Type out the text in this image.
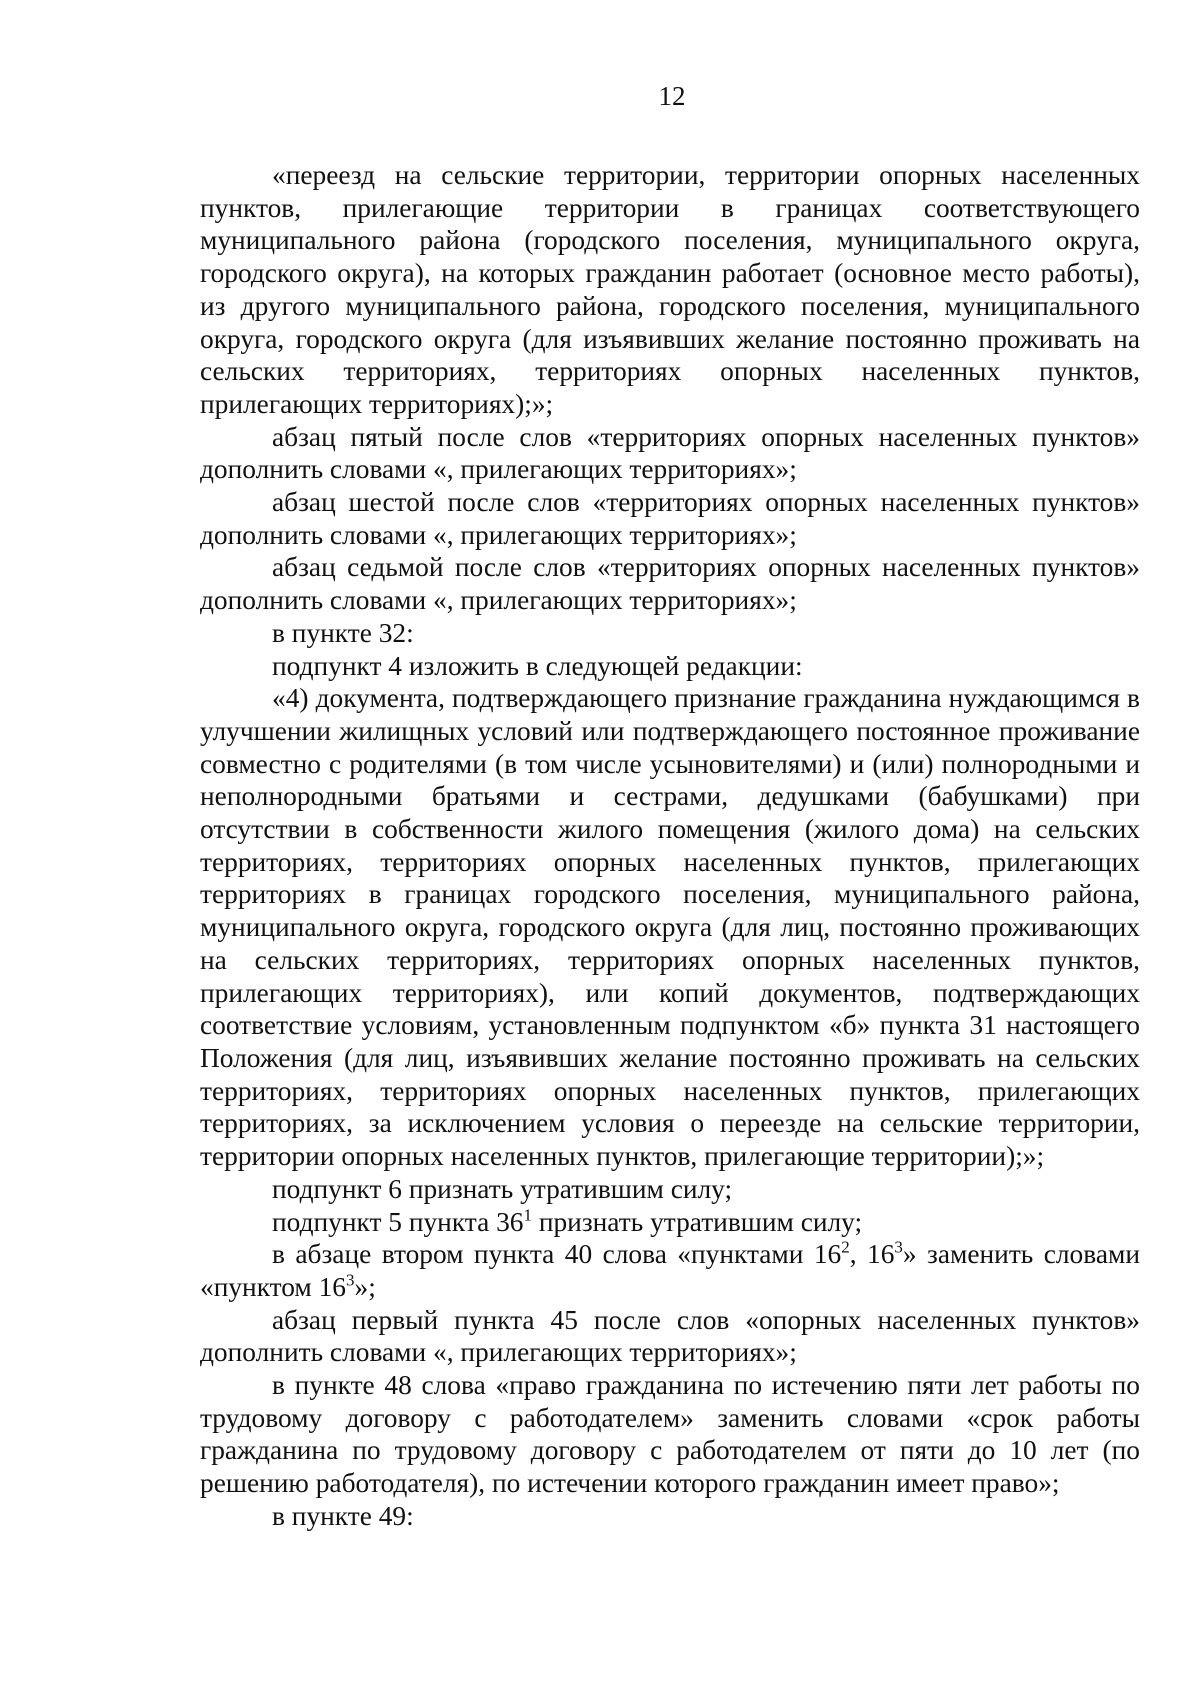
12

«переезд на сельские территории, территории опорных населенных пунктов, прилегающие территории в границах соответствующего муниципального района (городского поселения, муниципального округа, городского округа), на которых гражданин работает (основное место работы), из другого муниципального района, городского поселения, муниципального округа, городского округа (для изъявивших желание постоянно проживать на сельских территориях, территориях опорных населенных пунктов, прилегающих территориях);»;

абзац пятый после слов «территориях опорных населенных пунктов» дополнить словами «, прилегающих территориях»;

абзац шестой после слов «территориях опорных населенных пунктов» дополнить словами «, прилегающих территориях»;

абзац седьмой после слов «территориях опорных населенных пунктов» дополнить словами «, прилегающих территориях»;

в пункте 32:

подпункт 4 изложить в следующей редакции:

«4) документа, подтверждающего признание гражданина нуждающимся в улучшении жилищных условий или подтверждающего постоянное проживание совместно с родителями (в том числе усыновителями) и (или) полнородными и неполнородными братьями и сестрами, дедушками (бабушками) при отсутствии в собственности жилого помещения (жилого дома) на сельских территориях, территориях опорных населенных пунктов, прилегающих территориях в границах городского поселения, муниципального района, муниципального округа, городского округа (для лиц, постоянно проживающих на сельских территориях, территориях опорных населенных пунктов, прилегающих территориях), или копий документов, подтверждающих соответствие условиям, установленным подпунктом «б» пункта 31 настоящего Положения (для лиц, изъявивших желание постоянно проживать на сельских территориях, территориях опорных населенных пунктов, прилегающих территориях, за исключением условия о переезде на сельские территории, территории опорных населенных пунктов, прилегающие территории);»;

подпункт 6 признать утратившим силу;

подпункт 5 пункта $36^1$ признать утратившим силу;

в абзаце втором пункта 40 слова «пунктами $16^2$, $16^3$» заменить словами «пунктом $16^3$»;

абзац первый пункта 45 после слов «опорных населенных пунктов» дополнить словами «, прилегающих территориях»;

в пункте 48 слова «право гражданина по истечению пяти лет работы по трудовому договору с работодателем» заменить словами «срок работы гражданина по трудовому договору с работодателем от пяти до 10 лет (по решению работодателя), по истечении которого гражданин имеет право»;

в пункте 49:
